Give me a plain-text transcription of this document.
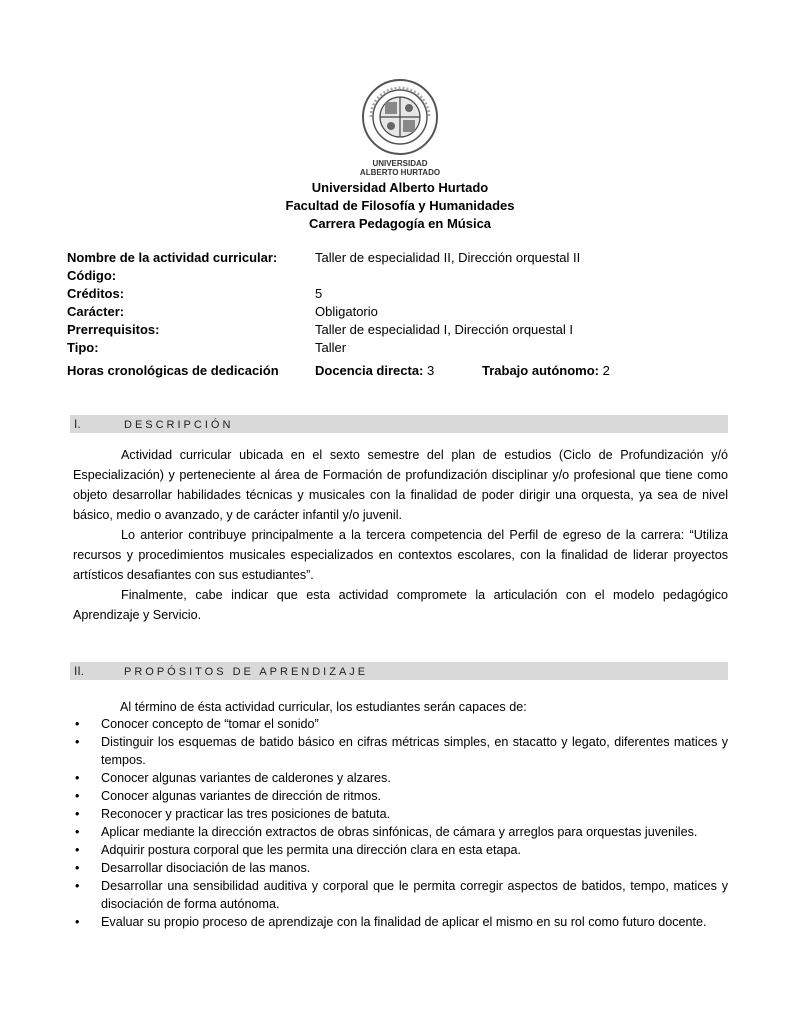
UNIVERSIDAD
ALBERTO HURTADO
Universidad Alberto Hurtado
Facultad de Filosofía y Humanidades
Carrera Pedagogía en Música
Nombre de la actividad curricular:	Taller de especialidad II, Dirección orquestal II
Código:
Créditos:	5
Carácter:	Obligatorio
Prerrequisitos:	Taller de especialidad I, Dirección orquestal I
Tipo:	Taller
Horas cronológicas de dedicación	Docencia directa: 3	Trabajo autónomo: 2
I.	DESCRIPCIÓN

Actividad curricular ubicada en el sexto semestre del plan de estudios (Ciclo de Profundización y/ó Especialización) y perteneciente al área de Formación de profundización disciplinar y/o profesional que tiene como objeto desarrollar habilidades técnicas y musicales con la finalidad de poder dirigir una orquesta, ya sea de nivel básico, medio o avanzado, y de carácter infantil y/o juvenil.

Lo anterior contribuye principalmente a la tercera competencia del Perfil de egreso de la carrera: “Utiliza recursos y procedimientos musicales especializados en contextos escolares, con la finalidad de liderar proyectos artísticos desafiantes con sus estudiantes”.

Finalmente, cabe indicar que esta actividad compromete la articulación con el modelo pedagógico Aprendizaje y Servicio.

II.	PROPÓSITOS DE APRENDIZAJE
Al término de ésta actividad curricular, los estudiantes serán capaces de:
• Conocer concepto de “tomar el sonido”
• Distinguir los esquemas de batido básico en cifras métricas simples, en stacatto y legato, diferentes matices y tempos.
• Conocer algunas variantes de calderones y alzares.
• Conocer algunas variantes de dirección de ritmos.
• Reconocer y practicar las tres posiciones de batuta.
• Aplicar mediante la dirección extractos de obras sinfónicas, de cámara y arreglos para orquestas juveniles.
• Adquirir postura corporal que les permita una dirección clara en esta etapa.
• Desarrollar disociación de las manos.
• Desarrollar una sensibilidad auditiva y corporal que le permita corregir aspectos de batidos, tempo, matices y disociación de forma autónoma.
• Evaluar su propio proceso de aprendizaje con la finalidad de aplicar el mismo en su rol como futuro docente.
